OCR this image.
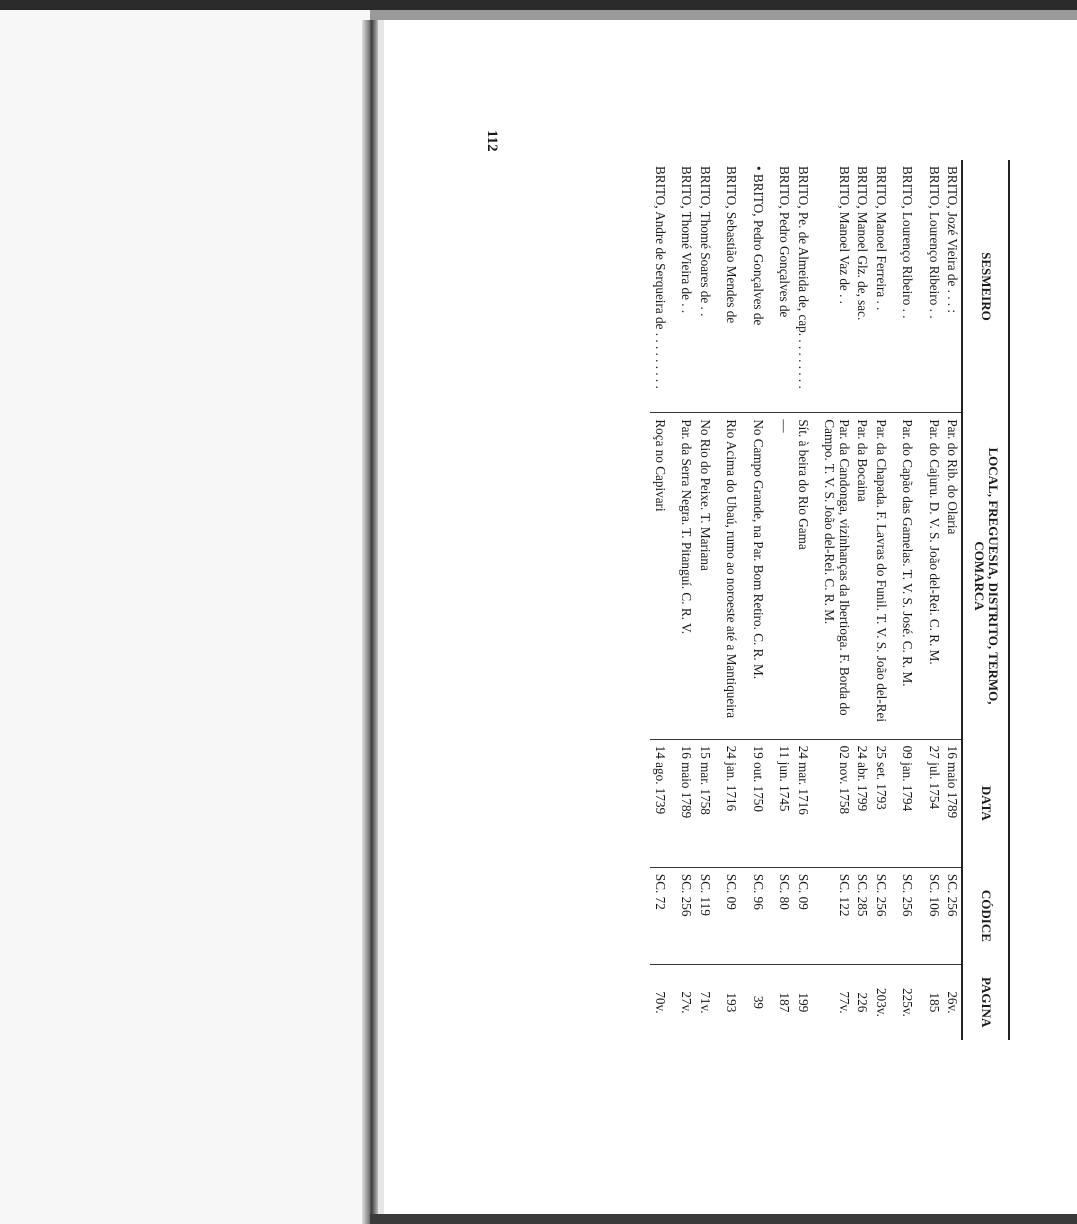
112
SESMEIRO	LOCAL, FREGUESIA, DISTRITO, TERMO, COMARCA	DATA	CÓDICE	PAGINA
BRITO, Jozé Vieira de . . . :	Par. do Rib. do Olaria	16 maio 1789	SC. 256	26v.
BRITO, Lourenço Ribeiro . .	Par. do Cajuru. D. V. S. João del-Rei. C. R. M.	27 jul. 1754	SC. 106	185
BRITO, Lourenço Ribeiro . .	Par. do Capão das Gamelas. T. V. S. José. C. R. M.	09 jan. 1794	SC. 256	225v.
BRITO, Manoel Ferreira . .	Par. da Chapada. F. Lavras do Funil. T. V. S. João del-Rei	25 set. 1793	SC. 256	203v.
BRITO, Manoel Glz. de, sac.	Par. da Bocaina	24 abr. 1799	SC. 285	226
BRITO, Manoel Vaz de . .	Par. da Candonga, vizinhanças da Ibertioga. F. Borda do Campo. T. V. S. João del-Rei. C. R. M.	02 nov. 1758	SC. 122	77v.
BRITO, Pe. de Almeida de, cap. . . . . . . . .	Sít. à beira do Rio Gama	24 mar. 1716	SC. 09	199
BRITO, Pedro Gonçalves de	—	11 jun. 1745	SC. 80	187
• BRITO, Pedro Gonçalves de	No Campo Grande, na Par. Bom Retiro. C. R. M.	19 out. 1750	SC. 96	39
BRITO, Sebastião Mendes de	Rio Acima do Ubaú, rumo ao noroeste até a Mantiqueira	24 jan. 1716	SC. 09	193
BRITO, Thomé Soares de . .	No Rio do Peixe. T. Mariana	15 mar. 1758	SC. 119	71v.
BRITO, Thomé Vieira de . .	Par. da Serra Negra. T. Pitanguí. C. R. V.	16 maio 1789	SC. 256	27v.
BRITO, Andre de Serqueira de . . . . . . . . .	Roça no Capivari	14 ago. 1739	SC. 72	70v.
